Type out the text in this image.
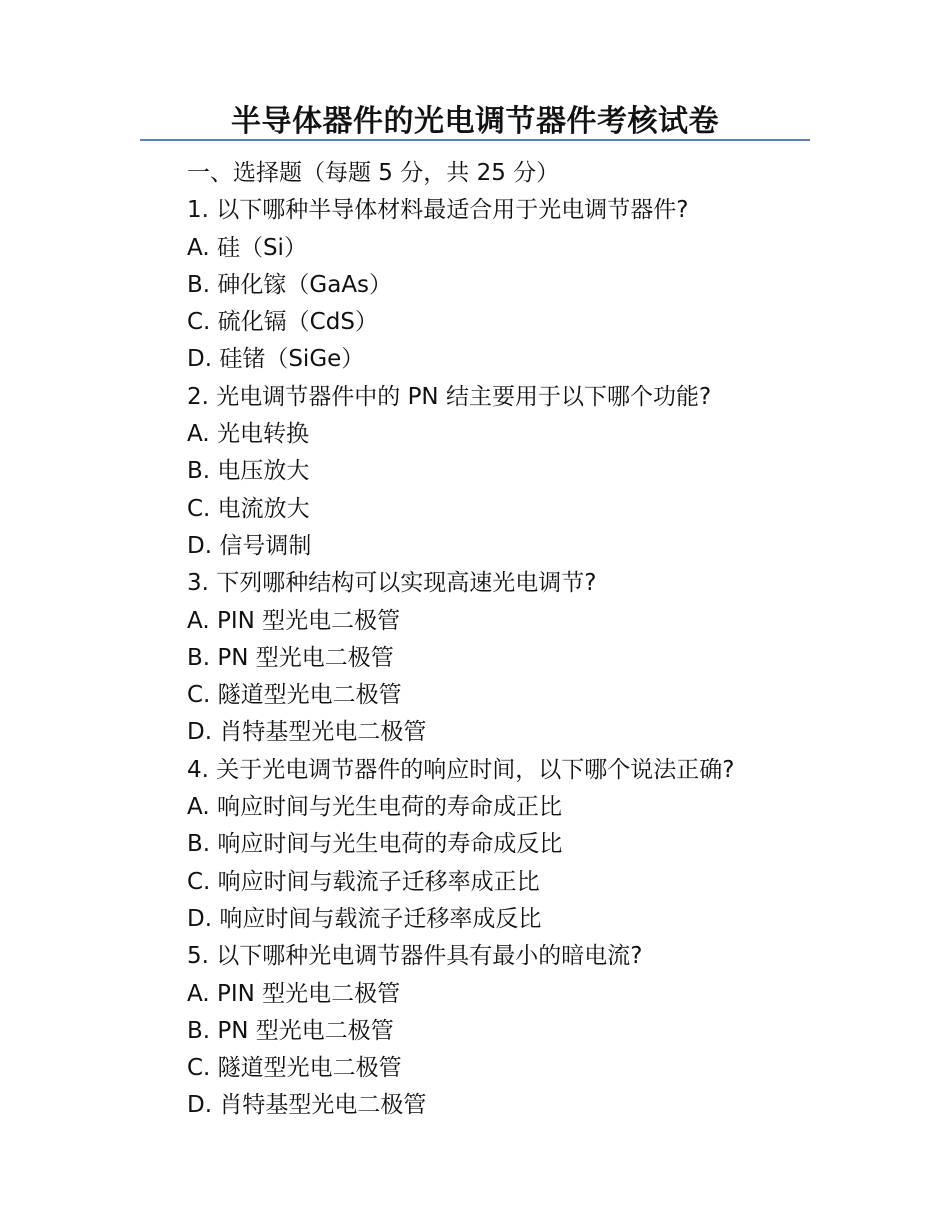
半导体器件的光电调节器件考核试卷
一、选择题（每题 5 分，共 25 分）
1. 以下哪种半导体材料最适合用于光电调节器件?
A. 硅（Si）
B. 砷化镓（GaAs）
C. 硫化镉（CdS）
D. 硅锗（SiGe）
2. 光电调节器件中的 PN 结主要用于以下哪个功能?
A. 光电转换
B. 电压放大
C. 电流放大
D. 信号调制
3. 下列哪种结构可以实现高速光电调节?
A. PIN 型光电二极管
B. PN 型光电二极管
C. 隧道型光电二极管
D. 肖特基型光电二极管
4. 关于光电调节器件的响应时间，以下哪个说法正确?
A. 响应时间与光生电荷的寿命成正比
B. 响应时间与光生电荷的寿命成反比
C. 响应时间与载流子迁移率成正比
D. 响应时间与载流子迁移率成反比
5. 以下哪种光电调节器件具有最小的暗电流?
A. PIN 型光电二极管
B. PN 型光电二极管
C. 隧道型光电二极管
D. 肖特基型光电二极管
